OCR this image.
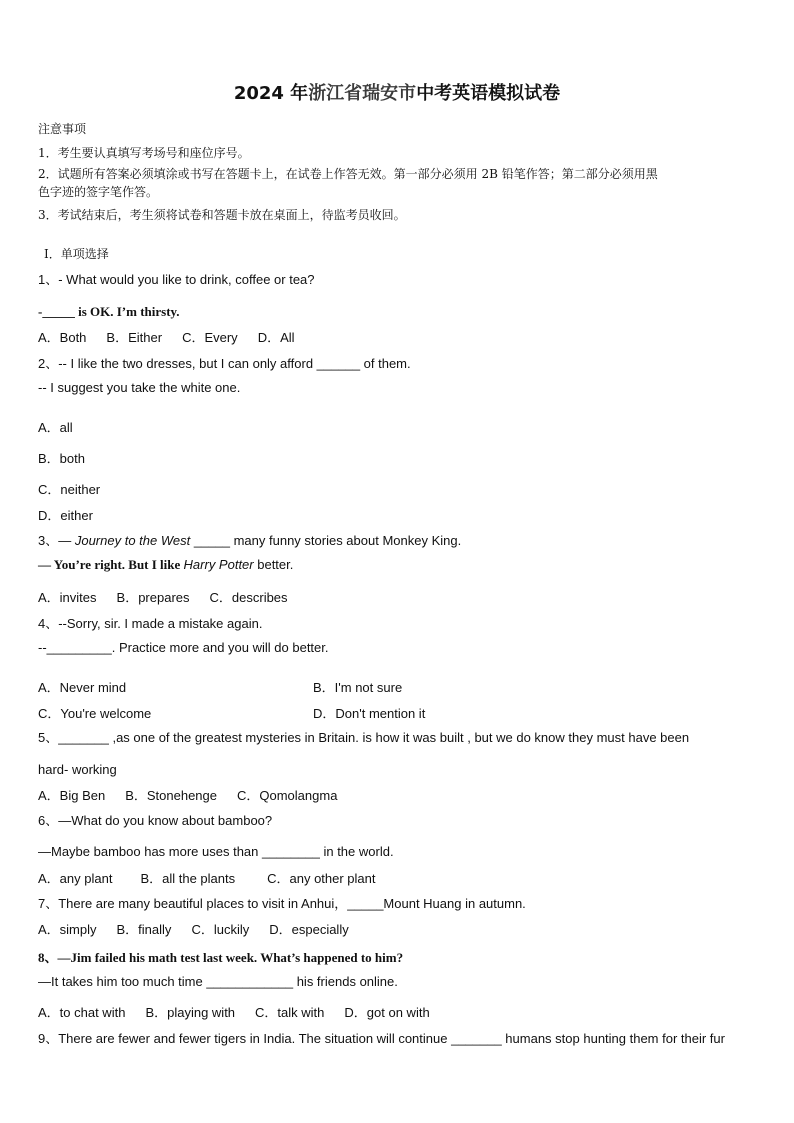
2024 年浙江省瑞安市中考英语模拟试卷
注意事项
1．考生要认真填写考场号和座位序号。
2．试题所有答案必须填涂或书写在答题卡上，在试卷上作答无效。第一部分必须用 2B 铅笔作答；第二部分必须用黑
色字迹的签字笔作答。
3．考试结束后，考生须将试卷和答题卡放在桌面上，待监考员收回。
Ⅰ．单项选择
1、- What would you like to drink, coffee or tea?
-_____ is OK. I’m thirsty.
A．Both B．Either C．Every D．All
2、-- I like the two dresses, but I can only afford ______ of them.
-- I suggest you take the white one.
A．all
B．both
C．neither
D．either
3、— Journey to the West _____ many funny stories about Monkey King.
— You’re right. But I like Harry Potter better.
A．invites B．prepares C．describes
4、--Sorry, sir. I made a mistake again.
--_________. Practice more and you will do better.
A．Never mind	B．I'm not sure
C．You're welcome	D．Don't mention it
5、_______ ,as one of the greatest mysteries in Britain. is how it was built , but we do know they must have been
hard- working
A．Big Ben B．Stonehenge C．Qomolangma
6、—What do you know about bamboo?
—Maybe bamboo has more uses than ________ in the world.
A．any plant B．all the plants C．any other plant
7、There are many beautiful places to visit in Anhui，_____Mount Huang in autumn.
A．simply B．finally C．luckily D．especially
8、—Jim failed his math test last week. What’s happened to him?
—It takes him too much time ____________ his friends online.
A．to chat with B．playing with C．talk with D．got on with
9、There are fewer and fewer tigers in India. The situation will continue _______ humans stop hunting them for their fur
